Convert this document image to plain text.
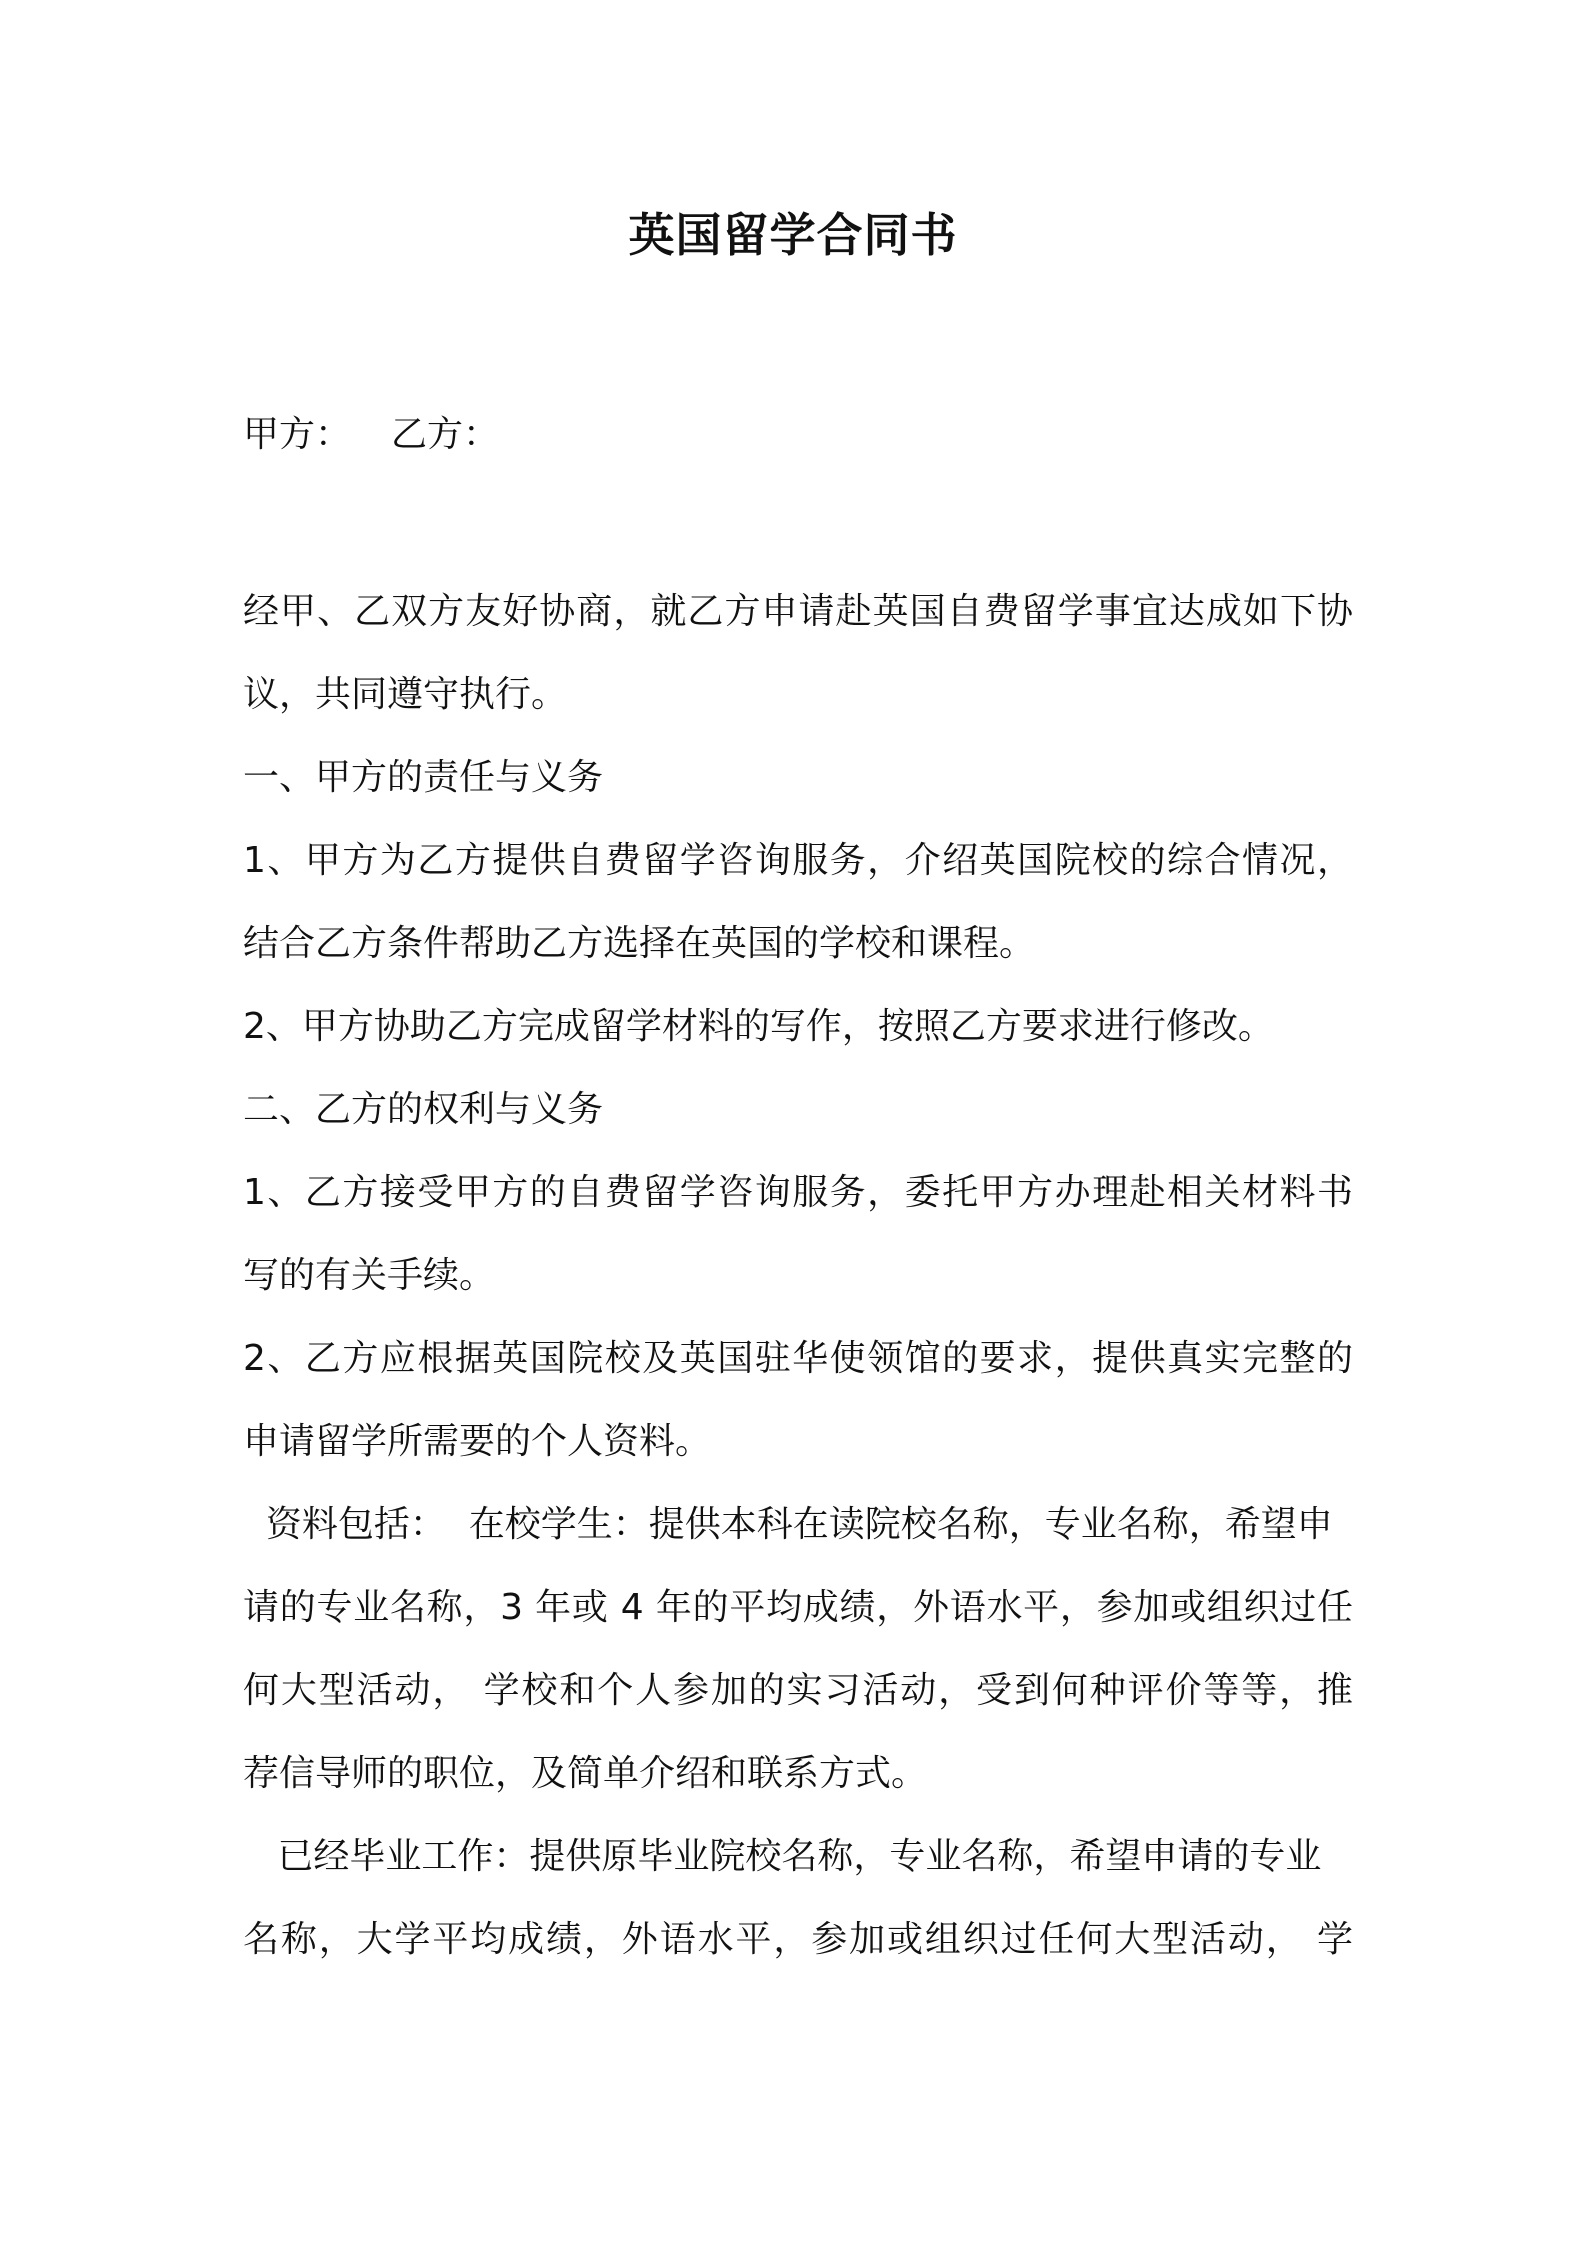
英国留学合同书
甲方： 乙方：
经甲、乙双方友好协商，就乙方申请赴英国自费留学事宜达成如下协
议，共同遵守执行。
一、甲方的责任与义务
1、甲方为乙方提供自费留学咨询服务，介绍英国院校的综合情况，
结合乙方条件帮助乙方选择在英国的学校和课程。
2、甲方协助乙方完成留学材料的写作，按照乙方要求进行修改。
二、乙方的权利与义务
1、乙方接受甲方的自费留学咨询服务，委托甲方办理赴相关材料书
写的有关手续。
2、乙方应根据英国院校及英国驻华使领馆的要求，提供真实完整的
申请留学所需要的个人资料。
资料包括：  在校学生：提供本科在读院校名称，专业名称，希望申
请的专业名称，3 年或 4 年的平均成绩，外语水平，参加或组织过任
何大型活动， 学校和个人参加的实习活动，受到何种评价等等，推
荐信导师的职位，及简单介绍和联系方式。
已经毕业工作：提供原毕业院校名称，专业名称，希望申请的专业
名称，大学平均成绩，外语水平，参加或组织过任何大型活动， 学
